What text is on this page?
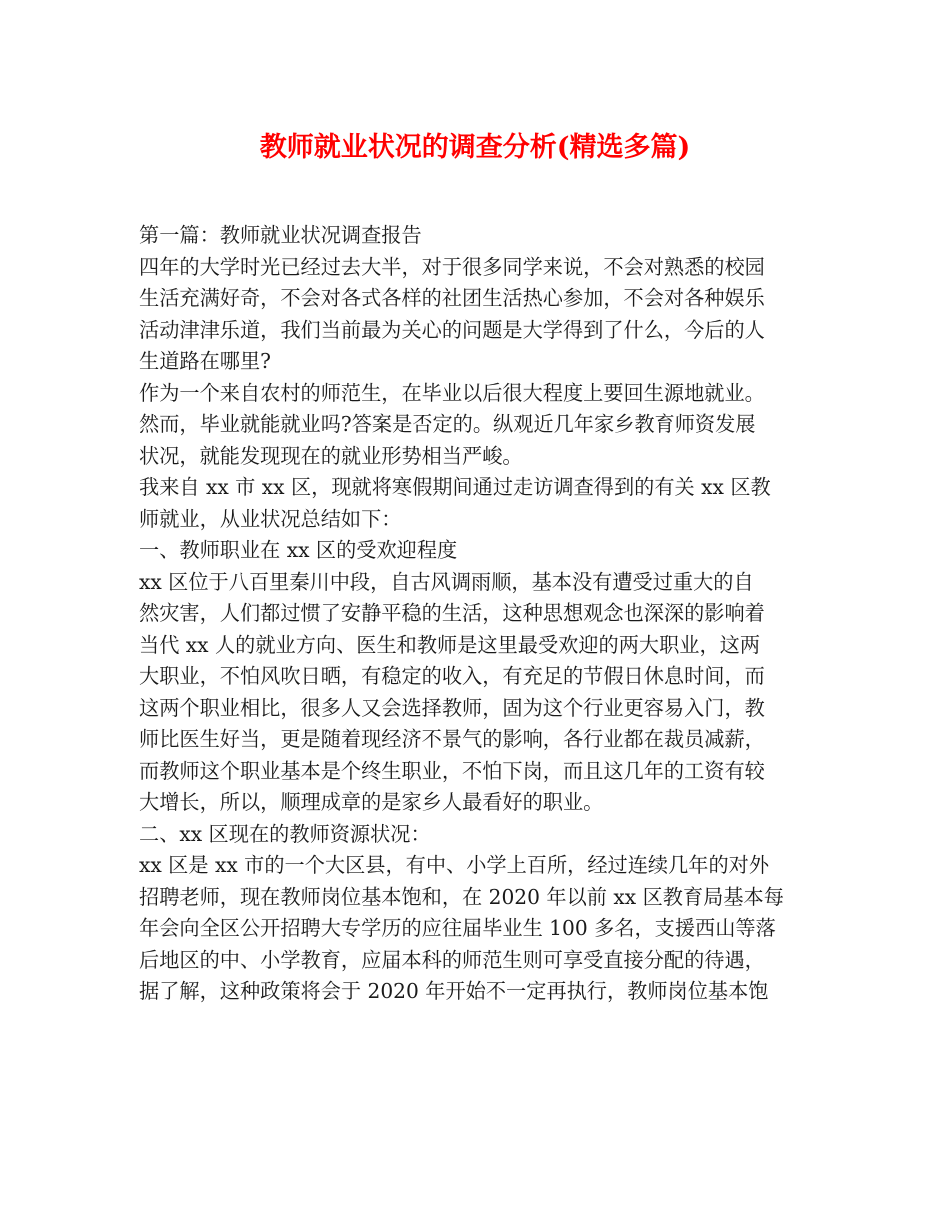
教师就业状况的调查分析(精选多篇)

第一篇：教师就业状况调查报告

四年的大学时光已经过去大半，对于很多同学来说，不会对熟悉的校园

生活充满好奇，不会对各式各样的社团生活热心参加，不会对各种娱乐

活动津津乐道，我们当前最为关心的问题是大学得到了什么，今后的人

生道路在哪里?

作为一个来自农村的师范生，在毕业以后很大程度上要回生源地就业。

然而，毕业就能就业吗?答案是否定的。纵观近几年家乡教育师资发展

状况，就能发现现在的就业形势相当严峻。

我来自 xx 市 xx 区，现就将寒假期间通过走访调查得到的有关 xx 区教

师就业，从业状况总结如下：

一、教师职业在 xx 区的受欢迎程度

xx 区位于八百里秦川中段，自古风调雨顺，基本没有遭受过重大的自

然灾害，人们都过惯了安静平稳的生活，这种思想观念也深深的影响着

当代 xx 人的就业方向、医生和教师是这里最受欢迎的两大职业，这两

大职业，不怕风吹日晒，有稳定的收入，有充足的节假日休息时间，而

这两个职业相比，很多人又会选择教师，固为这个行业更容易入门，教

师比医生好当，更是随着现经济不景气的影响，各行业都在裁员减薪，

而教师这个职业基本是个终生职业，不怕下岗，而且这几年的工资有较

大增长，所以，顺理成章的是家乡人最看好的职业。

二、xx 区现在的教师资源状况：

xx 区是 xx 市的一个大区县，有中、小学上百所，经过连续几年的对外

招聘老师，现在教师岗位基本饱和，在 2020 年以前 xx 区教育局基本每

年会向全区公开招聘大专学历的应往届毕业生 100 多名，支援西山等落

后地区的中、小学教育，应届本科的师范生则可享受直接分配的待遇，

据了解，这种政策将会于 2020 年开始不一定再执行，教师岗位基本饱
